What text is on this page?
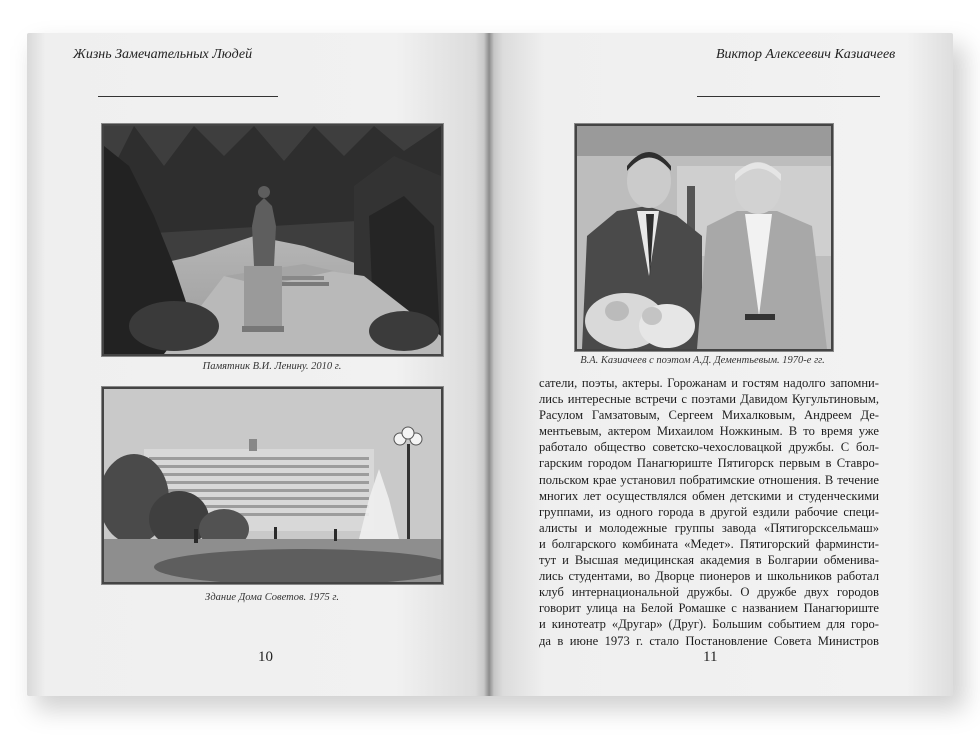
Жизнь Замечательных Людей
Памятник В.И. Ленину. 2010 г.
Здание Дома Советов. 1975 г.
10
Виктор Алексеевич Казиачеев
В.А. Казиачеев с поэтом А.Д. Дементьевым. 1970-е гг.
сатели, поэты, актеры. Горожанам и гостям надолго запомни-
лись интересные встречи с поэтами Давидом Кугультиновым,
Расулом Гамзатовым, Сергеем Михалковым, Андреем Де-
ментьевым, актером Михаилом Ножкиным. В то время уже
работало общество советско-чехословацкой дружбы. С бол-
гарским городом Панагюриште Пятигорск первым в Ставро-
польском крае установил побратимские отношения. В течение
многих лет осуществлялся обмен детскими и студенческими
группами, из одного города в другой ездили рабочие специ-
алисты и молодежные группы завода «Пятигорсксельмаш»
и болгарского комбината «Медет». Пятигорский фарминсти-
тут и Высшая медицинская академия в Болгарии обменива-
лись студентами, во Дворце пионеров и школьников работал
клуб интернациональной дружбы. О дружбе двух городов
говорит улица на Белой Ромашке с названием Панагюриште
и кинотеатр «Другар» (Друг). Большим событием для горо-
да в июне 1973 г. стало Постановление Совета Министров
11
